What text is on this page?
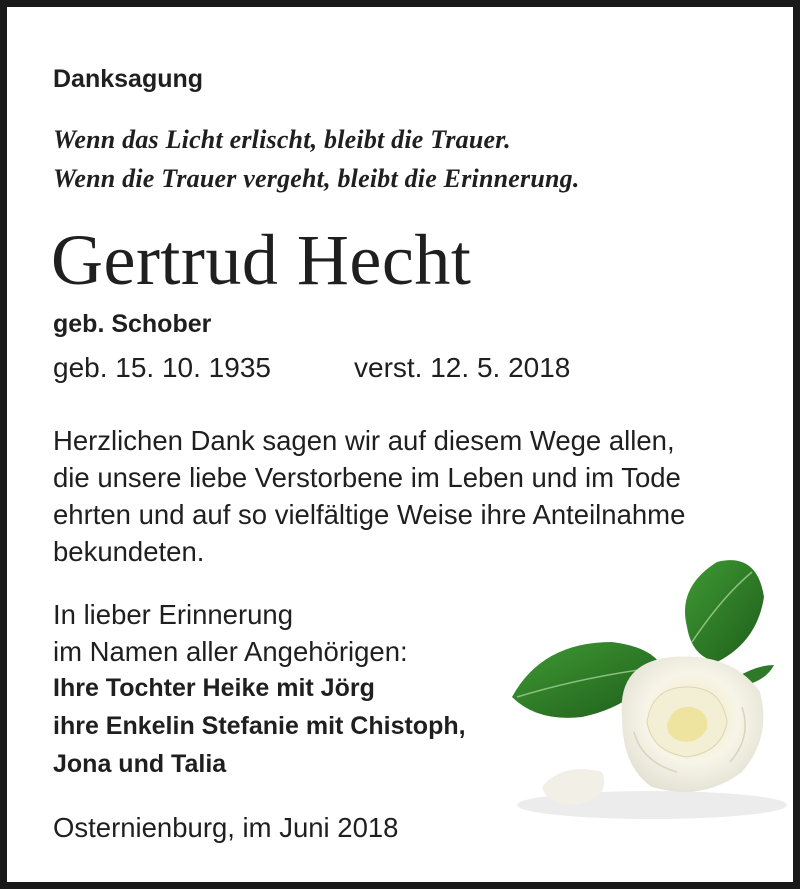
Danksagung
Wenn das Licht erlischt, bleibt die Trauer.
Wenn die Trauer vergeht, bleibt die Erinnerung.
Gertrud Hecht
geb. Schober
geb. 15. 10. 1935	verst. 12. 5. 2018
Herzlichen Dank sagen wir auf diesem Wege allen,
die unsere liebe Verstorbene im Leben und im Tode
ehrten und auf so vielfältige Weise ihre Anteilnahme
bekundeten.
In lieber Erinnerung
im Namen aller Angehörigen:
Ihre Tochter Heike mit Jörg
ihre Enkelin Stefanie mit Chistoph,
Jona und Talia
Osternienburg, im Juni 2018
